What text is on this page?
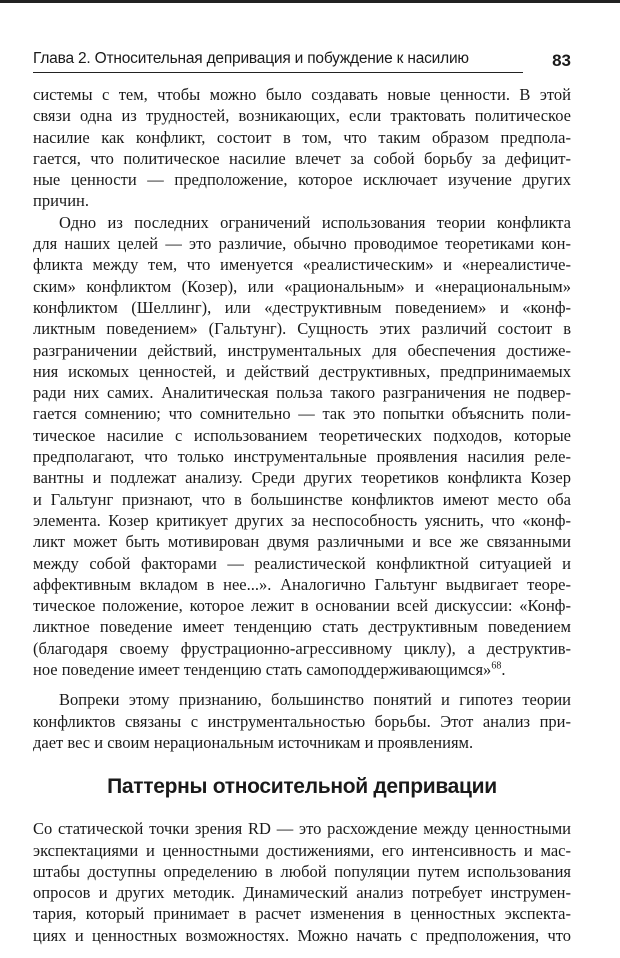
Глава 2. Относительная депривация и побуждение к насилию	83

системы с тем, чтобы можно было создавать новые ценности. В этой
связи одна из трудностей, возникающих, если трактовать политическое
насилие как конфликт, состоит в том, что таким образом предпола-
гается, что политическое насилие влечет за собой борьбу за дефицит-
ные ценности — предположение, которое исключает изучение других
причин.

Одно из последних ограничений использования теории конфликта
для наших целей — это различие, обычно проводимое теоретиками кон-
фликта между тем, что именуется «реалистическим» и «нереалистиче-
ским» конфликтом (Козер), или «рациональным» и «нерациональным»
конфликтом (Шеллинг), или «деструктивным поведением» и «конф-
ликтным поведением» (Гальтунг). Сущность этих различий состоит в
разграничении действий, инструментальных для обеспечения достиже-
ния искомых ценностей, и действий деструктивных, предпринимаемых
ради них самих. Аналитическая польза такого разграничения не подвер-
гается сомнению; что сомнительно — так это попытки объяснить поли-
тическое насилие с использованием теоретических подходов, которые
предполагают, что только инструментальные проявления насилия реле-
вантны и подлежат анализу. Среди других теоретиков конфликта Козер
и Гальтунг признают, что в большинстве конфликтов имеют место оба
элемента. Козер критикует других за неспособность уяснить, что «конф-
ликт может быть мотивирован двумя различными и все же связанными
между собой факторами — реалистической конфликтной ситуацией и
аффективным вкладом в нее...». Аналогично Гальтунг выдвигает теоре-
тическое положение, которое лежит в основании всей дискуссии: «Конф-
ликтное поведение имеет тенденцию стать деструктивным поведением
(благодаря своему фрустрационно-агрессивному циклу), а деструктив-
ное поведение имеет тенденцию стать самоподдерживающимся»$^{68}$.

Вопреки этому признанию, большинство понятий и гипотез теории
конфликтов связаны с инструментальностью борьбы. Этот анализ при-
дает вес и своим нерациональным источникам и проявлениям.

Паттерны относительной депривации

Со статической точки зрения RD — это расхождение между ценностными
экспектациями и ценностными достижениями, его интенсивность и мас-
штабы доступны определению в любой популяции путем использования
опросов и других методик. Динамический анализ потребует инструмен-
тария, который принимает в расчет изменения в ценностных экспекта-
циях и ценностных возможностях. Можно начать с предположения, что
